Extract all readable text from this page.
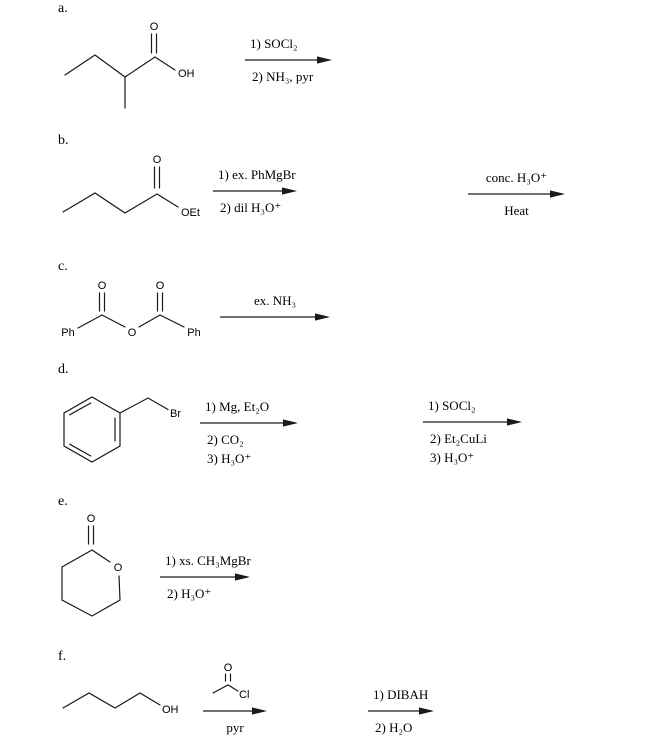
a.
O
OH
1) SOCl₂
2) NH₃, pyr
b.
O
OEt
1) ex. PhMgBr
2) dil H₃O⁺
conc. H₃O⁺
Heat
c.
O	O
O
Ph	Ph
ex. NH₃
d.
Br	1) Mg, Et₂O
2) CO₂
3) H₃O⁺
1) SOCl₂
2) Et₂CuLi
3) H₃O⁺
e.
O
O	1) xs. CH₃MgBr
2) H₃O⁺
f.
OH
O
Cl
pyr
1) DIBAH
2) H₂O
